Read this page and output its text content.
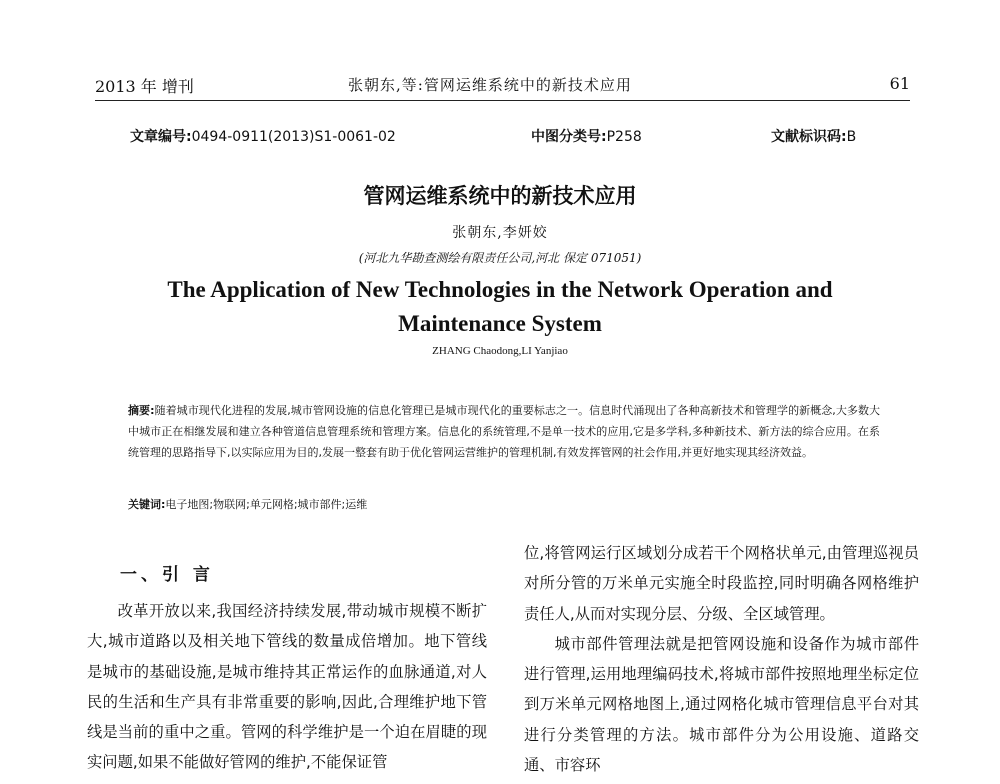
2013 年 增刊	张朝东,等:管网运维系统中的新技术应用	61
文章编号:0494-0911(2013)S1-0061-02	中图分类号:P258	文献标识码:B
管网运维系统中的新技术应用
张朝东,李妍姣
(河北九华勘查测绘有限责任公司,河北 保定 071051)
The Application of New Technologies in the Network Operation and
Maintenance System
ZHANG Chaodong,LI Yanjiao
摘要:随着城市现代化进程的发展,城市管网设施的信息化管理已是城市现代化的重要标志之一。信息时代涌现出了各种高新技术和管理学的新概念,大多数大中城市正在相继发展和建立各种管道信息管理系统和管理方案。信息化的系统管理,不是单一技术的应用,它是多学科,多种新技术、新方法的综合应用。在系统管理的思路指导下,以实际应用为目的,发展一整套有助于优化管网运营维护的管理机制,有效发挥管网的社会作用,并更好地实现其经济效益。
关键词:电子地图;物联网;单元网格;城市部件;运维
一、引 言

改革开放以来,我国经济持续发展,带动城市规模不断扩大,城市道路以及相关地下管线的数量成倍增加。地下管线是城市的基础设施,是城市维持其正常运作的血脉通道,对人民的生活和生产具有非常重要的影响,因此,合理维护地下管线是当前的重中之重。管网的科学维护是一个迫在眉睫的现实问题,如果不能做好管网的维护,不能保证管

位,将管网运行区域划分成若干个网格状单元,由管理巡视员对所分管的万米单元实施全时段监控,同时明确各网格维护责任人,从而对实现分层、分级、全区域管理。

城市部件管理法就是把管网设施和设备作为城市部件进行管理,运用地理编码技术,将城市部件按照地理坐标定位到万米单元网格地图上,通过网格化城市管理信息平台对其进行分类管理的方法。城市部件分为公用设施、道路交通、市容环
